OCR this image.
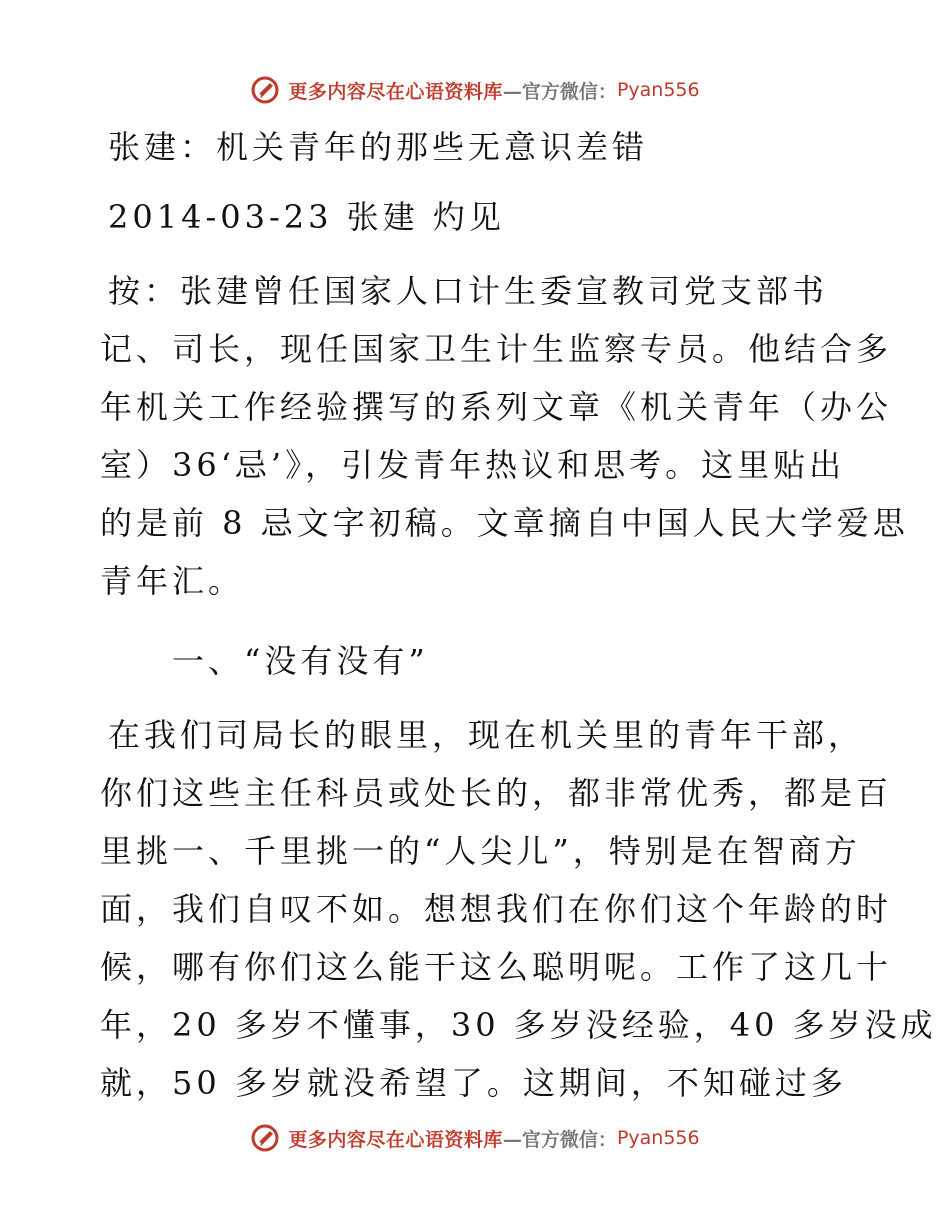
更多内容尽在心语资料库 —官方微信： Pyan556
张建：机关青年的那些无意识差错
2014-03-23 张建 灼见

按：张建曾任国家人口计生委宣教司党支部书

记、司长，现任国家卫生计生监察专员。他结合多

年机关工作经验撰写的系列文章《机关青年（办公

室）36‘忌’》，引发青年热议和思考。这里贴出

的是前 8 忌文字初稿。文章摘自中国人民大学爱思

青年汇。

一、“没有没有”

在我们司局长的眼里，现在机关里的青年干部，

你们这些主任科员或处长的，都非常优秀，都是百

里挑一、千里挑一的“人尖儿”，特别是在智商方

面，我们自叹不如。想想我们在你们这个年龄的时

候，哪有你们这么能干这么聪明呢。工作了这几十

年，20 多岁不懂事，30 多岁没经验，40 多岁没成

就，50 多岁就没希望了。这期间，不知碰过多

更多内容尽在心语资料库 —官方微信： Pyan556
